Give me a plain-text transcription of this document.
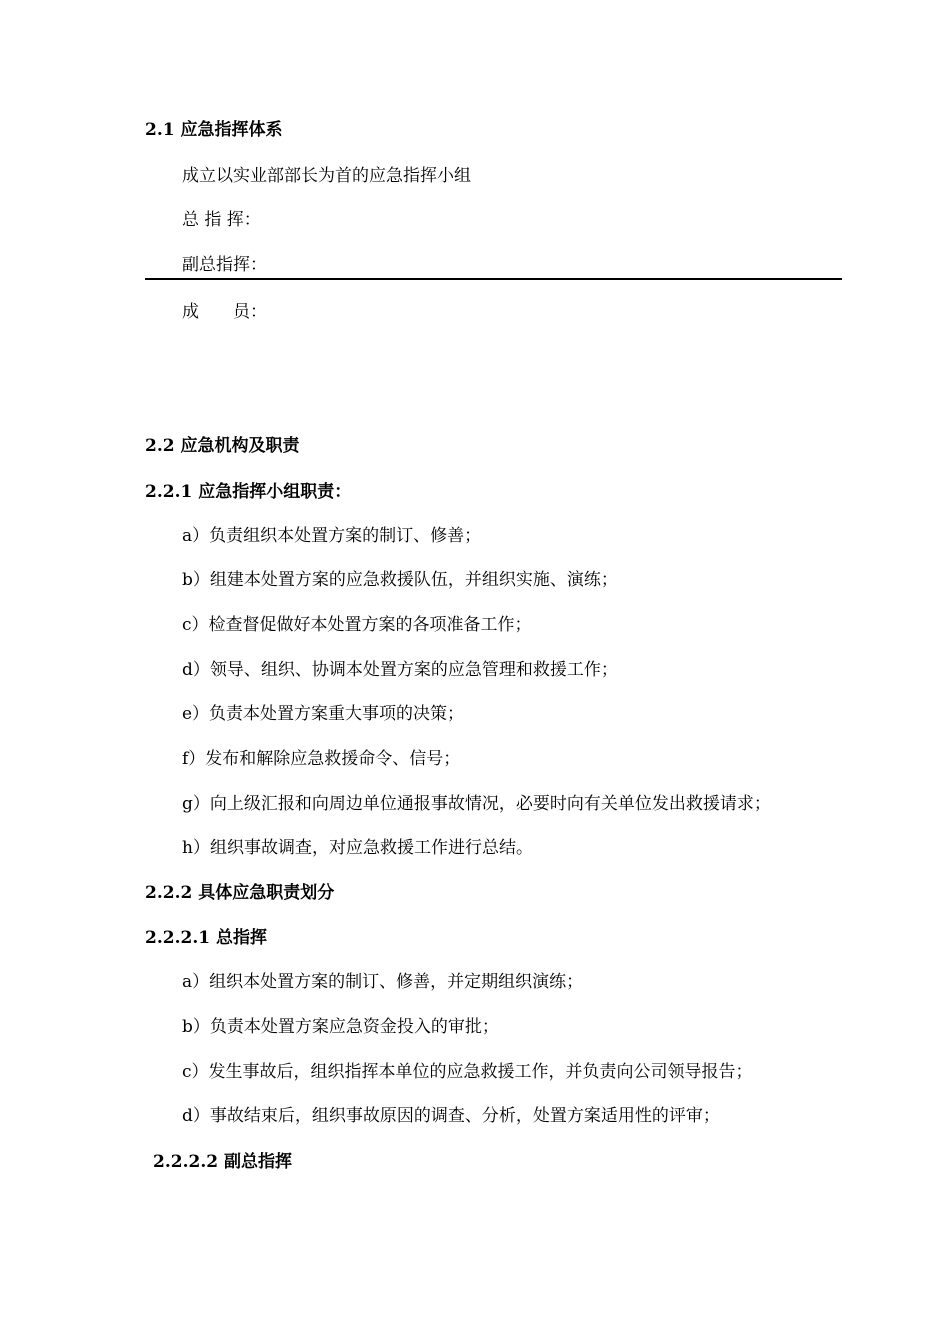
2.1 应急指挥体系
成立以实业部部长为首的应急指挥小组
总 指 挥：
副总指挥：
成　　员：
2.2 应急机构及职责
2.2.1 应急指挥小组职责：
a）负责组织本处置方案的制订、修善；
b）组建本处置方案的应急救援队伍，并组织实施、演练；
c）检查督促做好本处置方案的各项准备工作；
d）领导、组织、协调本处置方案的应急管理和救援工作；
e）负责本处置方案重大事项的决策；
f）发布和解除应急救援命令、信号；
g）向上级汇报和向周边单位通报事故情况，必要时向有关单位发出救援请求；
h）组织事故调查，对应急救援工作进行总结。
2.2.2 具体应急职责划分
2.2.2.1 总指挥
a）组织本处置方案的制订、修善，并定期组织演练；
b）负责本处置方案应急资金投入的审批；
c）发生事故后，组织指挥本单位的应急救援工作，并负责向公司领导报告；
d）事故结束后，组织事故原因的调查、分析，处置方案适用性的评审；
2.2.2.2 副总指挥
